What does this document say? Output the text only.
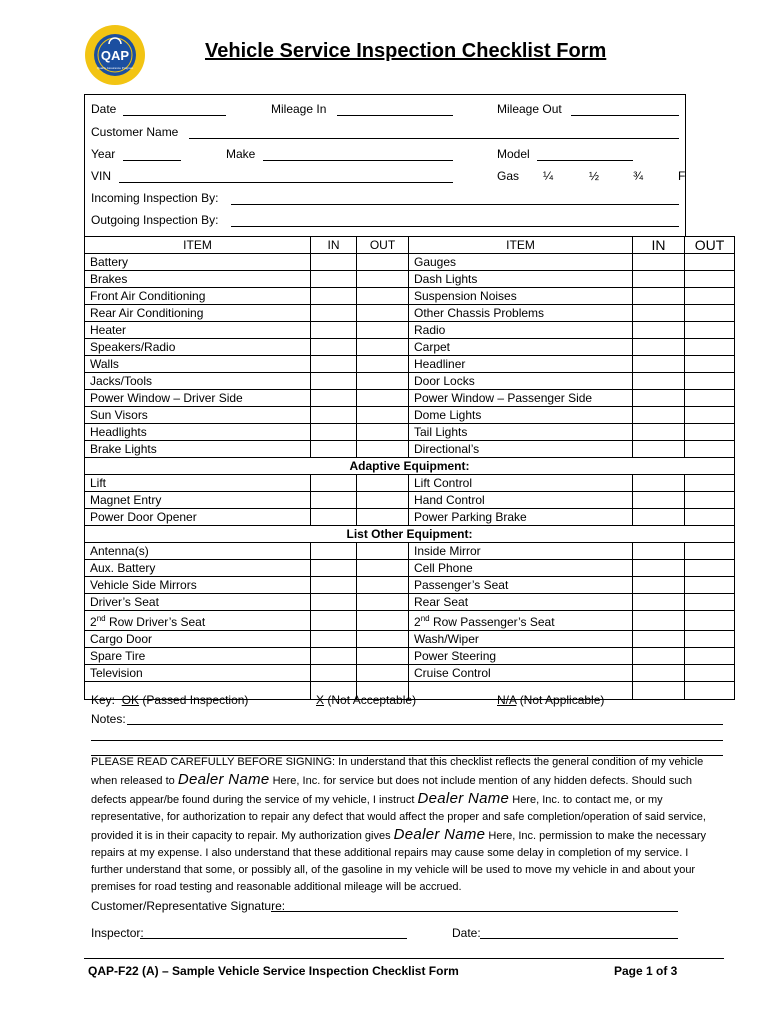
QAP
Quality Assurance Program
Vehicle Service Inspection Checklist Form
Date	Mileage In	Mileage Out
Customer Name
Year	Make	Model
VIN	Gas ¼	½	¾	F
Incoming Inspection By:
Outgoing Inspection By:
ITEM	IN	OUT	ITEM	IN	OUT
Battery			Gauges		
Brakes			Dash Lights		
Front Air Conditioning			Suspension Noises		
Rear Air Conditioning			Other Chassis Problems		
Heater			Radio		
Speakers/Radio			Carpet		
Walls			Headliner		
Jacks/Tools			Door Locks		
Power Window – Driver Side			Power Window – Passenger Side		
Sun Visors			Dome Lights		
Headlights			Tail Lights		
Brake Lights			Directional’s		
Adaptive Equipment:					
Lift			Lift Control		
Magnet Entry			Hand Control		
Power Door Opener			Power Parking Brake		
List Other Equipment:					
Antenna(s)			Inside Mirror		
Aux. Battery			Cell Phone		
Vehicle Side Mirrors			Passenger’s Seat		
Driver’s Seat			Rear Seat		
2nd Row Driver’s Seat			2nd Row Passenger’s Seat		
Cargo Door			Wash/Wiper		
Spare Tire			Power Steering		
Television			Cruise Control		

Key: OK (Passed Inspection)	X (Not Acceptable)	N/A (Not Applicable)
Notes:
PLEASE READ CAREFULLY BEFORE SIGNING: In understand that this checklist reflects the general condition of my vehicle when released to Dealer Name Here, Inc. for service but does not include mention of any hidden defects. Should such defects appear/be found during the service of my vehicle, I instruct Dealer Name Here, Inc. to contact me, or my representative, for authorization to repair any defect that would affect the proper and safe completion/operation of said service, provided it is in their capacity to repair. My authorization gives Dealer Name Here, Inc. permission to make the necessary repairs at my expense. I also understand that these additional repairs may cause some delay in completion of my service. I further understand that some, or possibly all, of the gasoline in my vehicle will be used to move my vehicle in and about your premises for road testing and reasonable additional mileage will be accrued.
Customer/Representative Signature:
Inspector:	Date:
QAP-F22 (A) – Sample Vehicle Service Inspection Checklist Form	Page 1 of 3
